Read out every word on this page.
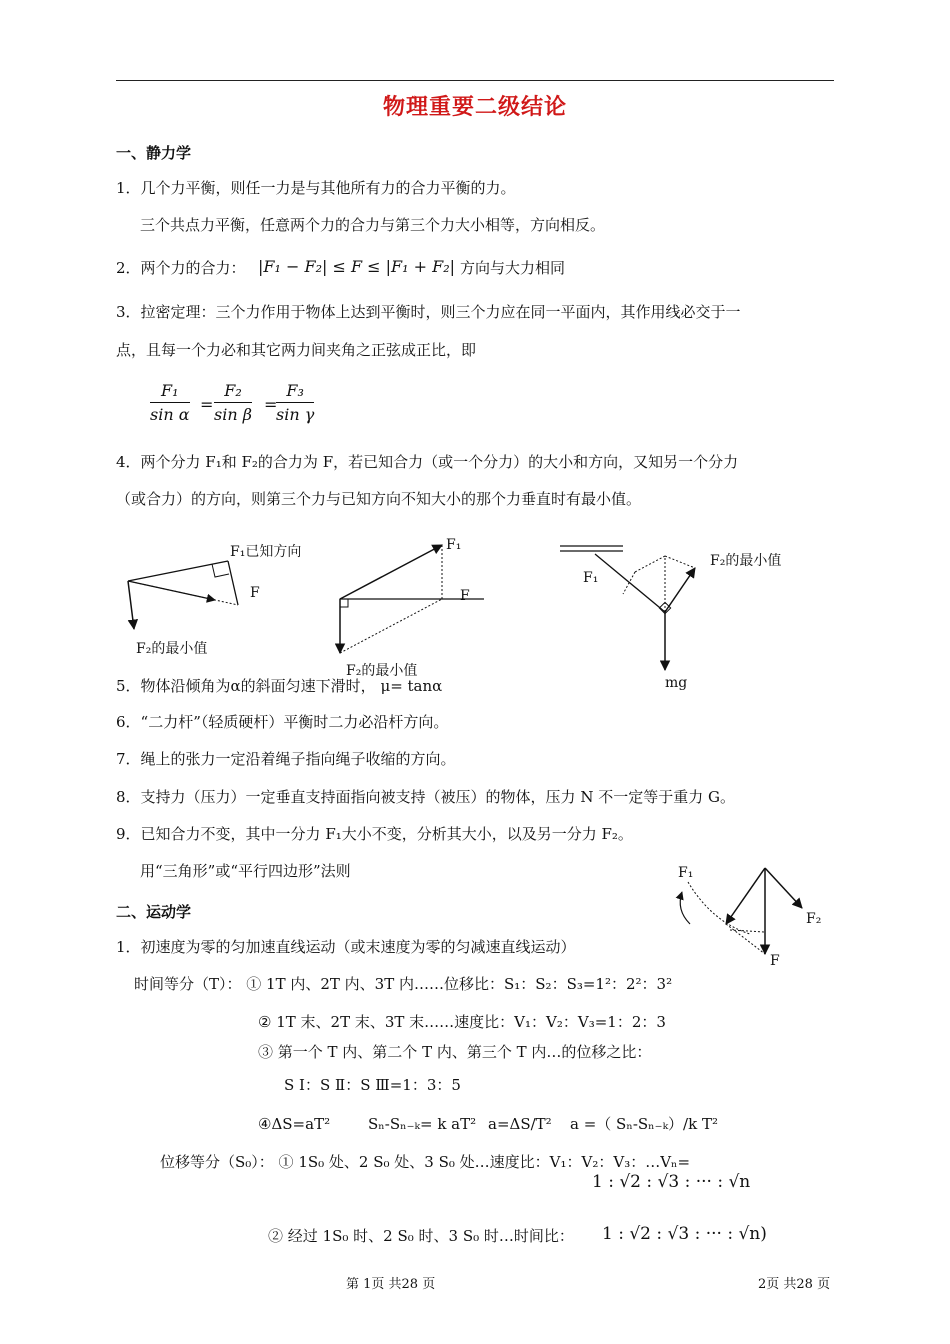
物理重要二级结论
一、静力学
1．几个力平衡，则任一力是与其他所有力的合力平衡的力。
三个共点力平衡，任意两个力的合力与第三个力大小相等，方向相反。
2．两个力的合力： |F₁ − F₂| ≤ F ≤ |F₁ + F₂| 方向与大力相同
3．拉密定理：三个力作用于物体上达到平衡时，则三个力应在同一平面内，其作用线必交于一
点，且每一个力必和其它两力间夹角之正弦成正比，即
$\frac{\text{F₁}}{\text{sin α}} = \frac{\text{F₂}}{\text{sin β}}$ =
$\frac{\text{F₃}}{\text{sin γ}}$
4．两个分力 F₁和 F₂的合力为 F，若已知合力（或一个分力）的大小和方向，又知另一个分力
（或合力）的方向，则第三个力与已知方向不知大小的那个力垂直时有最小值。
F₁已知方向
F
F₂的最小值
F₁
F
F₂的最小值
F₁
F₂的最小值
mg
5．物体沿倾角为α的斜面匀速下滑时， μ= tanα
6．“二力杆”（轻质硬杆）平衡时二力必沿杆方向。
7．绳上的张力一定沿着绳子指向绳子收缩的方向。
8．支持力（压力）一定垂直支持面指向被支持（被压）的物体，压力 N 不一定等于重力 G。
9．已知合力不变，其中一分力 F₁大小不变，分析其大小，以及另一分力 F₂。
用“三角形”或“平行四边形”法则	F₁
F₂
F
二、运动学
1．初速度为零的匀加速直线运动（或末速度为零的匀减速直线运动）
时间等分（T）： ① 1T 内、2T 内、3T 内……位移比：S₁：S₂：S₃=1²：2²：3²
② 1T 末、2T 末、3T 末……速度比：V₁：V₂：V₃=1：2：3
③ 第一个 T 内、第二个 T 内、第三个 T 内…的位移之比：
S Ⅰ：S Ⅱ：S Ⅲ=1：3：5
④ΔS=aT²	Sₙ-Sₙ₋ₖ= k aT² a=ΔS/T² a =（ Sₙ-Sₙ₋ₖ）/k T²
位移等分（S₀）： ① 1S₀ 处、2 S₀ 处、3 S₀ 处…速度比：V₁：V₂：V₃：…Vₙ=
1 : √2 : √3 : ··· : √n
② 经过 1S₀ 时、2 S₀ 时、3 S₀ 时…时间比： 1 : √2 : √3 : ··· : √n)
第 1页 共28 页	2页 共28 页
